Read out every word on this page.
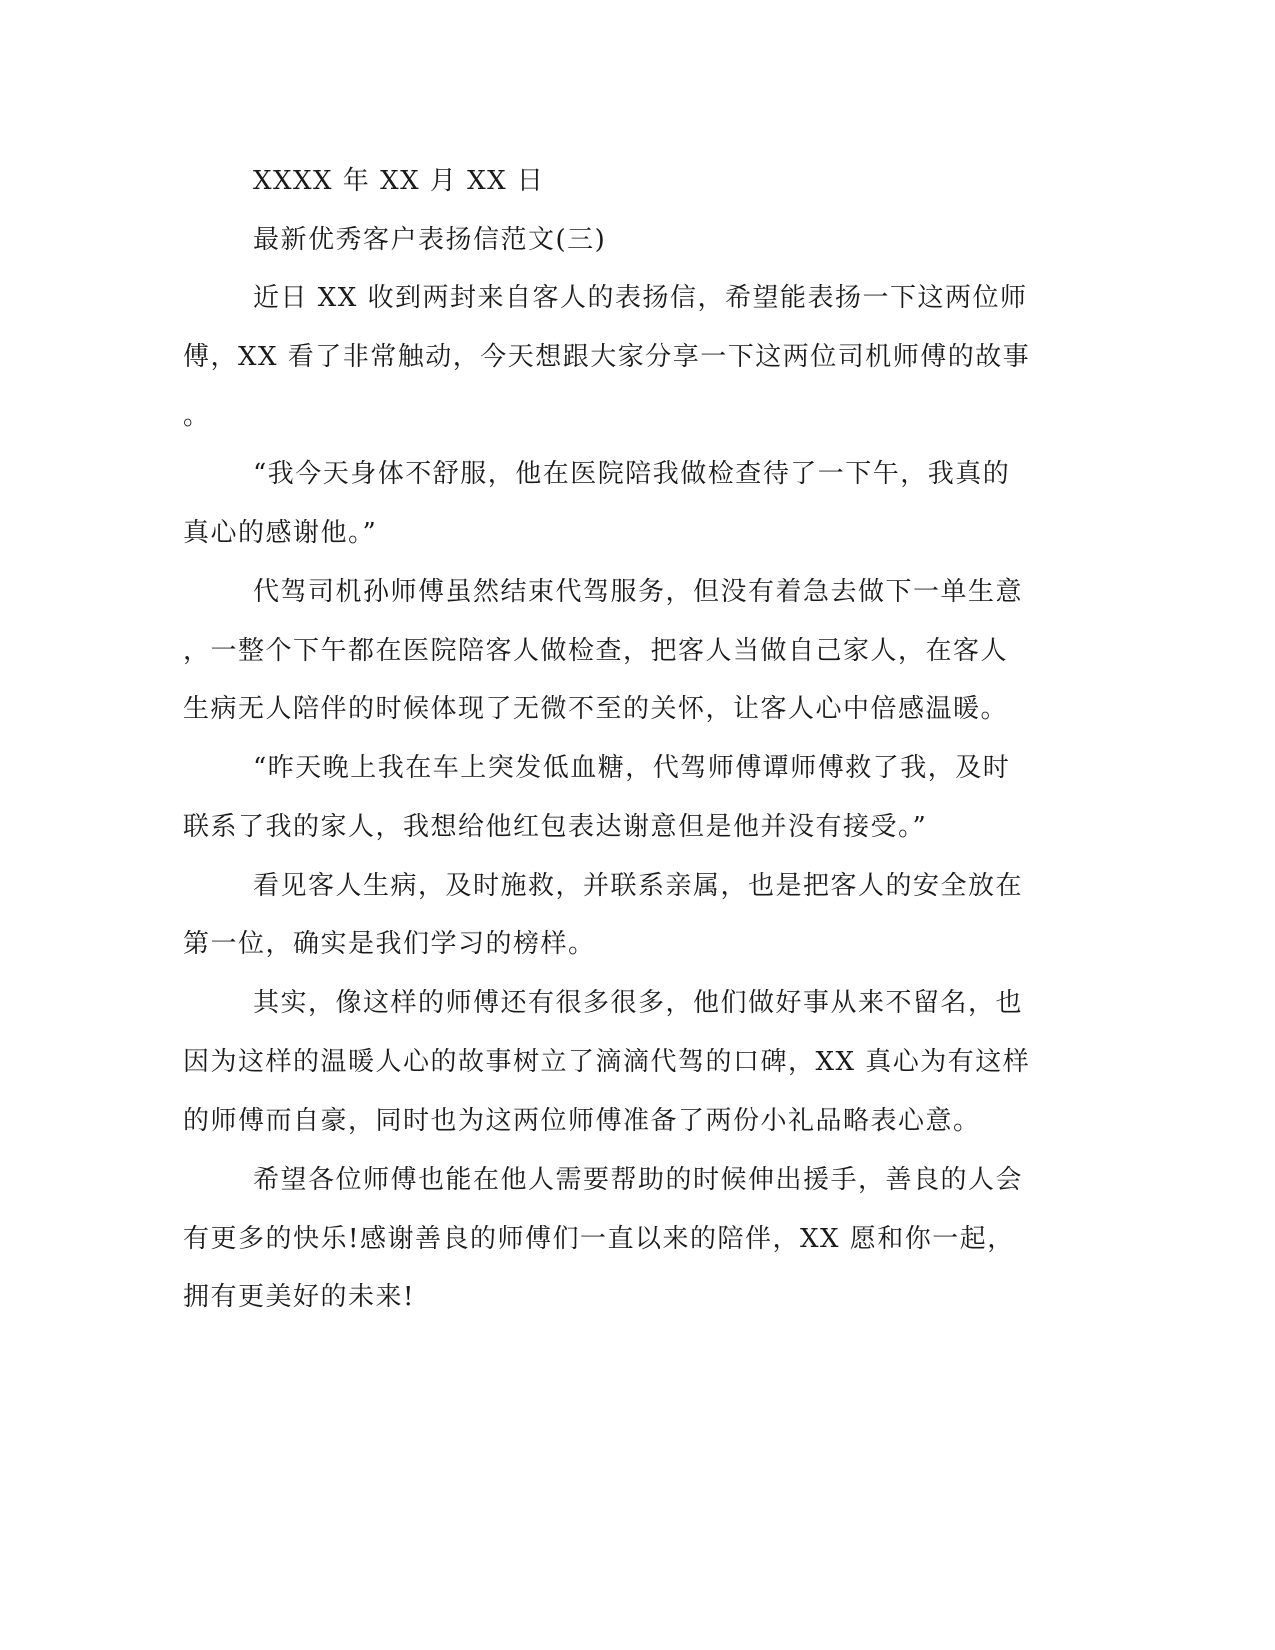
XXXX 年 XX 月 XX 日
最新优秀客户表扬信范文(三)
近日 XX 收到两封来自客人的表扬信，希望能表扬一下这两位师
傅，XX 看了非常触动，今天想跟大家分享一下这两位司机师傅的故事
。
“我今天身体不舒服，他在医院陪我做检查待了一下午，我真的
真心的感谢他。”
代驾司机孙师傅虽然结束代驾服务，但没有着急去做下一单生意
，一整个下午都在医院陪客人做检查，把客人当做自己家人，在客人
生病无人陪伴的时候体现了无微不至的关怀，让客人心中倍感温暖。
“昨天晚上我在车上突发低血糖，代驾师傅谭师傅救了我，及时
联系了我的家人，我想给他红包表达谢意但是他并没有接受。”
看见客人生病，及时施救，并联系亲属，也是把客人的安全放在
第一位，确实是我们学习的榜样。
其实，像这样的师傅还有很多很多，他们做好事从来不留名，也
因为这样的温暖人心的故事树立了滴滴代驾的口碑，XX 真心为有这样
的师傅而自豪，同时也为这两位师傅准备了两份小礼品略表心意。
希望各位师傅也能在他人需要帮助的时候伸出援手，善良的人会
有更多的快乐!感谢善良的师傅们一直以来的陪伴，XX 愿和你一起，
拥有更美好的未来!
